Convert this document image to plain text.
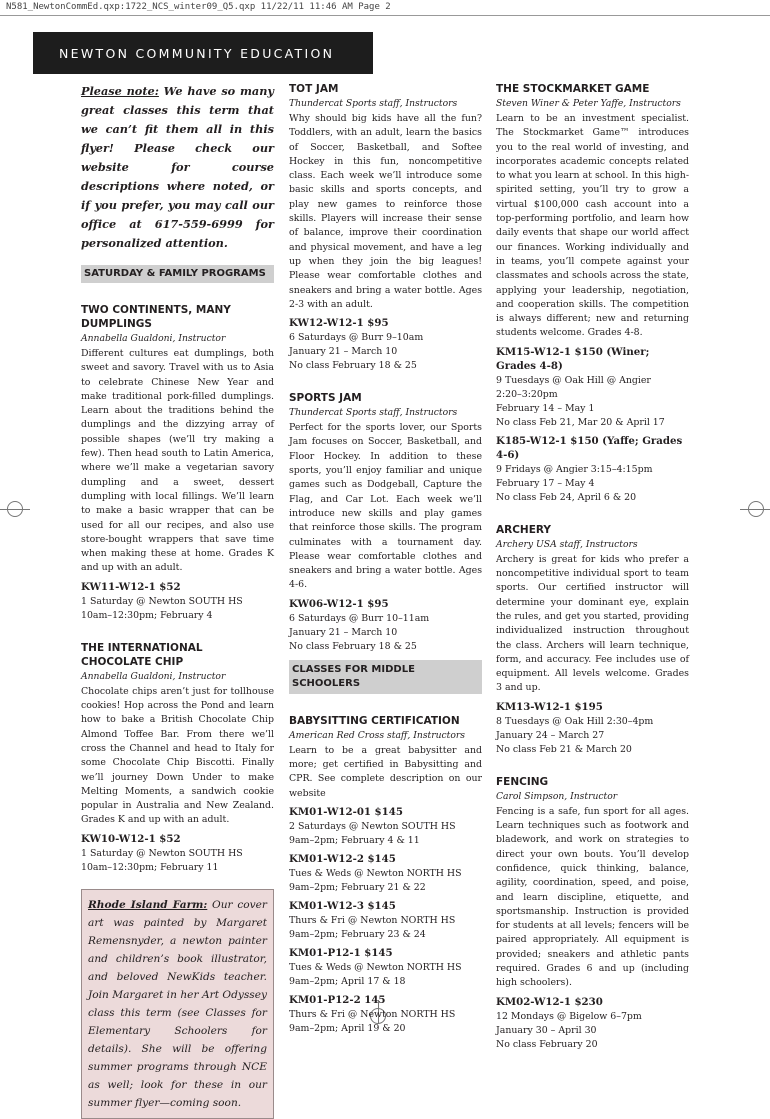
N581_NewtonCommEd.qxp:1722_NCS_winter09_Q5.qxp 11/22/11 11:46 AM Page 2
NEWTON COMMUNITY EDUCATION

Please note: We have so many great classes this term that we can’t fit them all in this flyer! Please check our website for course descriptions where noted, or if you prefer, you may call our office at 617-559-6999 for personalized attention.

SATURDAY & FAMILY PROGRAMS
TWO CONTINENTS, MANY
DUMPLINGS
Annabella Gualdoni, Instructor

Different cultures eat dumplings, both sweet and savory. Travel with us to Asia to celebrate Chinese New Year and make traditional pork-filled dumplings. Learn about the traditions behind the dumplings and the dizzying array of possible shapes (we’ll try making a few). Then head south to Latin America, where we’ll make a vegetarian savory dumpling and a sweet, dessert dumpling with local fillings. We’ll learn to make a basic wrapper that can be used for all our recipes, and also use store-bought wrappers that save time when making these at home. Grades K and up with an adult.

KW11-W12-1 $52
1 Saturday @ Newton SOUTH HS
10am–12:30pm; February 4
THE INTERNATIONAL
CHOCOLATE CHIP
Annabella Gualdoni, Instructor

Chocolate chips aren’t just for tollhouse cookies! Hop across the Pond and learn how to bake a British Chocolate Chip Almond Toffee Bar. From there we’ll cross the Channel and head to Italy for some Chocolate Chip Biscotti. Finally we’ll journey Down Under to make Melting Moments, a sandwich cookie popular in Australia and New Zealand. Grades K and up with an adult.

KW10-W12-1 $52
1 Saturday @ Newton SOUTH HS
10am–12:30pm; February 11

Rhode Island Farm: Our cover art was painted by Margaret Remensnyder, a newton painter and children’s book illustrator, and beloved NewKids teacher. Join Margaret in her Art Odyssey class this term (see Classes for Elementary Schoolers for details). She will be offering summer programs through NCE as well; look for these in our summer flyer—coming soon.

TOT JAM
Thundercat Sports staff, Instructors

Why should big kids have all the fun? Toddlers, with an adult, learn the basics of Soccer, Basketball, and Softee Hockey in this fun, noncompetitive class. Each week we’ll introduce some basic skills and sports concepts, and play new games to reinforce those skills. Players will increase their sense of balance, improve their coordination and physical movement, and have a leg up when they join the big leagues! Please wear comfortable clothes and sneakers and bring a water bottle. Ages 2-3 with an adult.

KW12-W12-1 $95
6 Saturdays @ Burr 9–10am
January 21 – March 10
No class February 18 & 25
SPORTS JAM
Thundercat Sports staff, Instructors

Perfect for the sports lover, our Sports Jam focuses on Soccer, Basketball, and Floor Hockey. In addition to these sports, you’ll enjoy familiar and unique games such as Dodgeball, Capture the Flag, and Car Lot. Each week we’ll introduce new skills and play games that reinforce those skills. The program culminates with a tournament day. Please wear comfortable clothes and sneakers and bring a water bottle. Ages 4-6.

KW06-W12-1 $95
6 Saturdays @ Burr 10–11am
January 21 – March 10
No class February 18 & 25
CLASSES FOR MIDDLE
SCHOOLERS
BABYSITTING CERTIFICATION
American Red Cross staff, Instructors

Learn to be a great babysitter and more; get certified in Babysitting and CPR. See complete description on our website

KM01-W12-01 $145
2 Saturdays @ Newton SOUTH HS
9am–2pm; February 4 & 11
KM01-W12-2 $145
Tues & Weds @ Newton NORTH HS
9am–2pm; February 21 & 22
KM01-W12-3 $145
Thurs & Fri @ Newton NORTH HS
9am–2pm; February 23 & 24
KM01-P12-1 $145
Tues & Weds @ Newton NORTH HS
9am–2pm; April 17 & 18
KM01-P12-2 145
Thurs & Fri @ Newton NORTH HS
9am–2pm; April 19 & 20
THE STOCKMARKET GAME
Steven Winer & Peter Yaffe, Instructors

Learn to be an investment specialist. The Stockmarket Game™ introduces you to the real world of investing, and incorporates academic concepts related to what you learn at school. In this high-spirited setting, you’ll try to grow a virtual $100,000 cash account into a top-performing portfolio, and learn how daily events that shape our world affect our finances. Working individually and in teams, you’ll compete against your classmates and schools across the state, applying your leadership, negotiation, and cooperation skills. The competition is always different; new and returning students welcome. Grades 4-8.

KM15-W12-1 $150 (Winer; Grades 4-8)
9 Tuesdays @ Oak Hill @ Angier
2:20–3:20pm
February 14 – May 1
No class Feb 21, Mar 20 & April 17
K185-W12-1 $150 (Yaffe; Grades 4-6)
9 Fridays @ Angier 3:15–4:15pm
February 17 – May 4
No class Feb 24, April 6 & 20
ARCHERY
Archery USA staff, Instructors

Archery is great for kids who prefer a noncompetitive individual sport to team sports. Our certified instructor will determine your dominant eye, explain the rules, and get you started, providing individualized instruction throughout the class. Archers will learn technique, form, and accuracy. Fee includes use of equipment. All levels welcome. Grades 3 and up.

KM13-W12-1 $195
8 Tuesdays @ Oak Hill 2:30–4pm
January 24 – March 27
No class Feb 21 & March 20
FENCING
Carol Simpson, Instructor

Fencing is a safe, fun sport for all ages. Learn techniques such as footwork and bladework, and work on strategies to direct your own bouts. You’ll develop confidence, quick thinking, balance, agility, coordination, speed, and poise, and learn discipline, etiquette, and sportsmanship. Instruction is provided for students at all levels; fencers will be paired appropriately. All equipment is provided; sneakers and athletic pants required. Grades 6 and up (including high schoolers).

KM02-W12-1 $230
12 Mondays @ Bigelow 6–7pm
January 30 – April 30
No class February 20
